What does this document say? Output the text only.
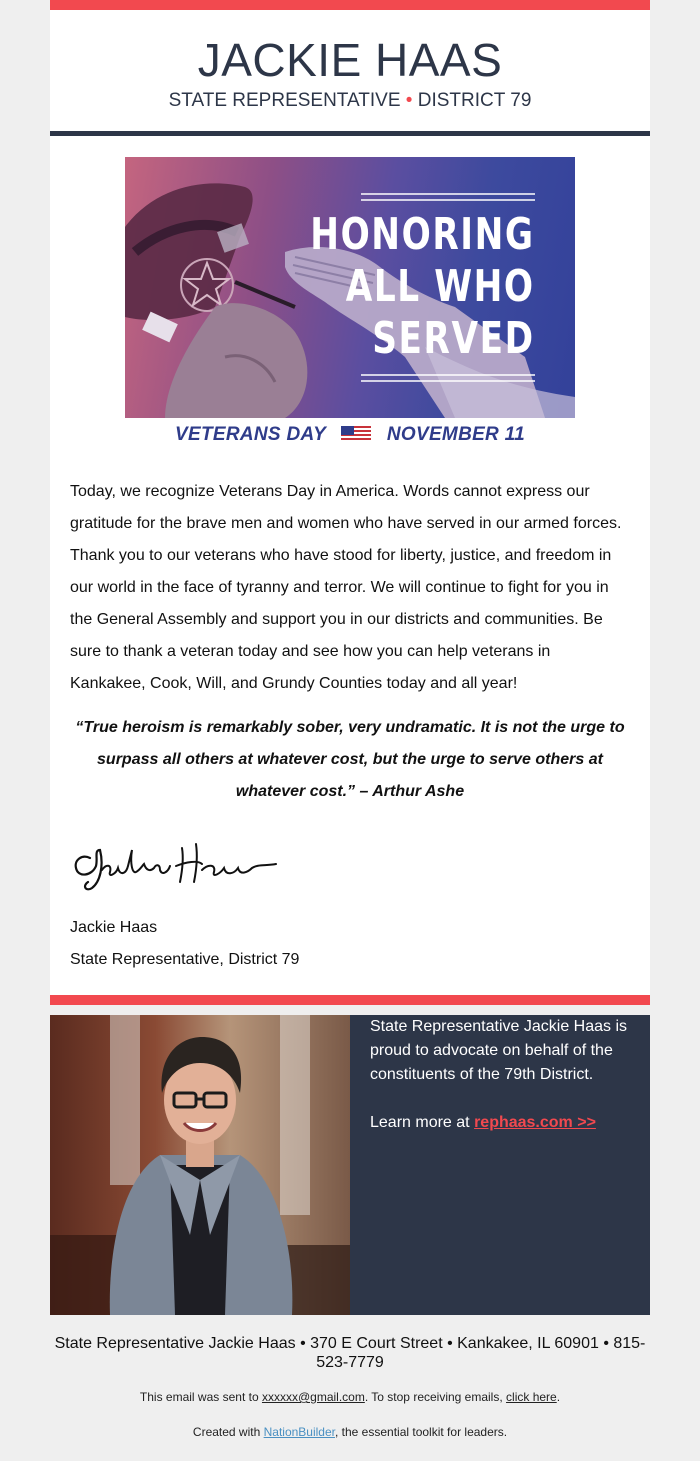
JACKIE HAAS
STATE REPRESENTATIVE • DISTRICT 79
HONORING
ALL WHO
SERVED
VETERANS DAY	NOVEMBER 11
Today, we recognize Veterans Day in America. Words cannot express our gratitude for the brave men and women who have served in our armed forces. Thank you to our veterans who have stood for liberty, justice, and freedom in our world in the face of tyranny and terror. We will continue to fight for you in the General Assembly and support you in our districts and communities. Be sure to thank a veteran today and see how you can help veterans in Kankakee, Cook, Will, and Grundy Counties today and all year!
“True heroism is remarkably sober, very undramatic. It is not the urge to surpass all others at whatever cost, but the urge to serve others at whatever cost.” – Arthur Ashe
Jackie Haas
State Representative, District 79
State Representative Jackie Haas is proud to advocate on behalf of the constituents of the 79th District.
Learn more at rephaas.com >>
State Representative Jackie Haas • 370 E Court Street • Kankakee, IL 60901 • 815-523-7779
This email was sent to xxxxxx@gmail.com. To stop receiving emails, click here.
Created with NationBuilder, the essential toolkit for leaders.
